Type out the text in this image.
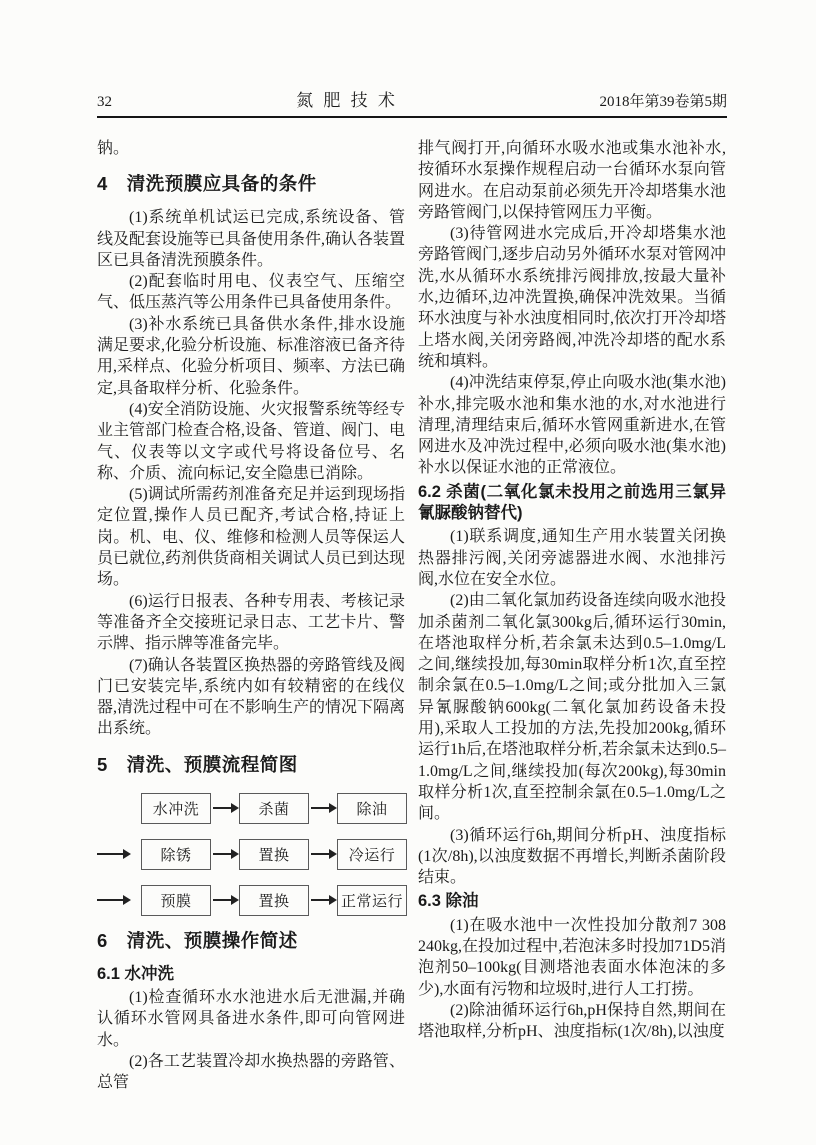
32	氮 肥 技 术	2018年第39卷第5期

钠。

4　清洗预膜应具备的条件

(1)系统单机试运已完成,系统设备、管线及配套设施等已具备使用条件,确认各装置区已具备清洗预膜条件。

(2)配套临时用电、仪表空气、压缩空气、低压蒸汽等公用条件已具备使用条件。

(3)补水系统已具备供水条件,排水设施满足要求,化验分析设施、标准溶液已备齐待用,采样点、化验分析项目、频率、方法已确定,具备取样分析、化验条件。

(4)安全消防设施、火灾报警系统等经专业主管部门检查合格,设备、管道、阀门、电气、仪表等以文字或代号将设备位号、名称、介质、流向标记,安全隐患已消除。

(5)调试所需药剂准备充足并运到现场指定位置,操作人员已配齐,考试合格,持证上岗。机、电、仪、维修和检测人员等保运人员已就位,药剂供货商相关调试人员已到达现场。

(6)运行日报表、各种专用表、考核记录等准备齐全交接班记录日志、工艺卡片、警示牌、指示牌等准备完毕。

(7)确认各装置区换热器的旁路管线及阀门已安装完毕,系统内如有较精密的在线仪器,清洗过程中可在不影响生产的情况下隔离出系统。

5　清洗、预膜流程简图
水冲洗	杀菌	除油
除锈	置换	冷运行
预膜	置换	正常运行
6　清洗、预膜操作简述
6.1 水冲洗

(1)检查循环水水池进水后无泄漏,并确认循环水管网具备进水条件,即可向管网进水。

(2)各工艺装置冷却水换热器的旁路管、总管

排气阀打开,向循环水吸水池或集水池补水,按循环水泵操作规程启动一台循环水泵向管网进水。在启动泵前必须先开冷却塔集水池旁路管阀门,以保持管网压力平衡。

(3)待管网进水完成后,开冷却塔集水池旁路管阀门,逐步启动另外循环水泵对管网冲洗,水从循环水系统排污阀排放,按最大量补水,边循环,边冲洗置换,确保冲洗效果。当循环水浊度与补水浊度相同时,依次打开冷却塔上塔水阀,关闭旁路阀,冲洗冷却塔的配水系统和填料。

(4)冲洗结束停泵,停止向吸水池(集水池)补水,排完吸水池和集水池的水,对水池进行清理,清理结束后,循环水管网重新进水,在管网进水及冲洗过程中,必须向吸水池(集水池)补水以保证水池的正常液位。

6.2 杀菌(二氧化氯未投用之前选用三氯异氰脲酸钠替代)

(1)联系调度,通知生产用水装置关闭换热器排污阀,关闭旁滤器进水阀、水池排污阀,水位在安全水位。

(2)由二氧化氯加药设备连续向吸水池投加杀菌剂二氧化氯300kg后,循环运行30min,在塔池取样分析,若余氯未达到0.5–1.0mg/L之间,继续投加,每30min取样分析1次,直至控制余氯在0.5–1.0mg/L之间;或分批加入三氯异氰脲酸钠600kg(二氧化氯加药设备未投用),采取人工投加的方法,先投加200kg,循环运行1h后,在塔池取样分析,若余氯未达到0.5–1.0mg/L之间,继续投加(每次200kg),每30min取样分析1次,直至控制余氯在0.5–1.0mg/L之间。

(3)循环运行6h,期间分析pH、浊度指标(1次/8h),以浊度数据不再增长,判断杀菌阶段结束。

6.3 除油

(1)在吸水池中一次性投加分散剂7 308 240kg,在投加过程中,若泡沫多时投加71D5消泡剂50–100kg(目测塔池表面水体泡沫的多少),水面有污物和垃圾时,进行人工打捞。

(2)除油循环运行6h,pH保持自然,期间在塔池取样,分析pH、浊度指标(1次/8h),以浊度
